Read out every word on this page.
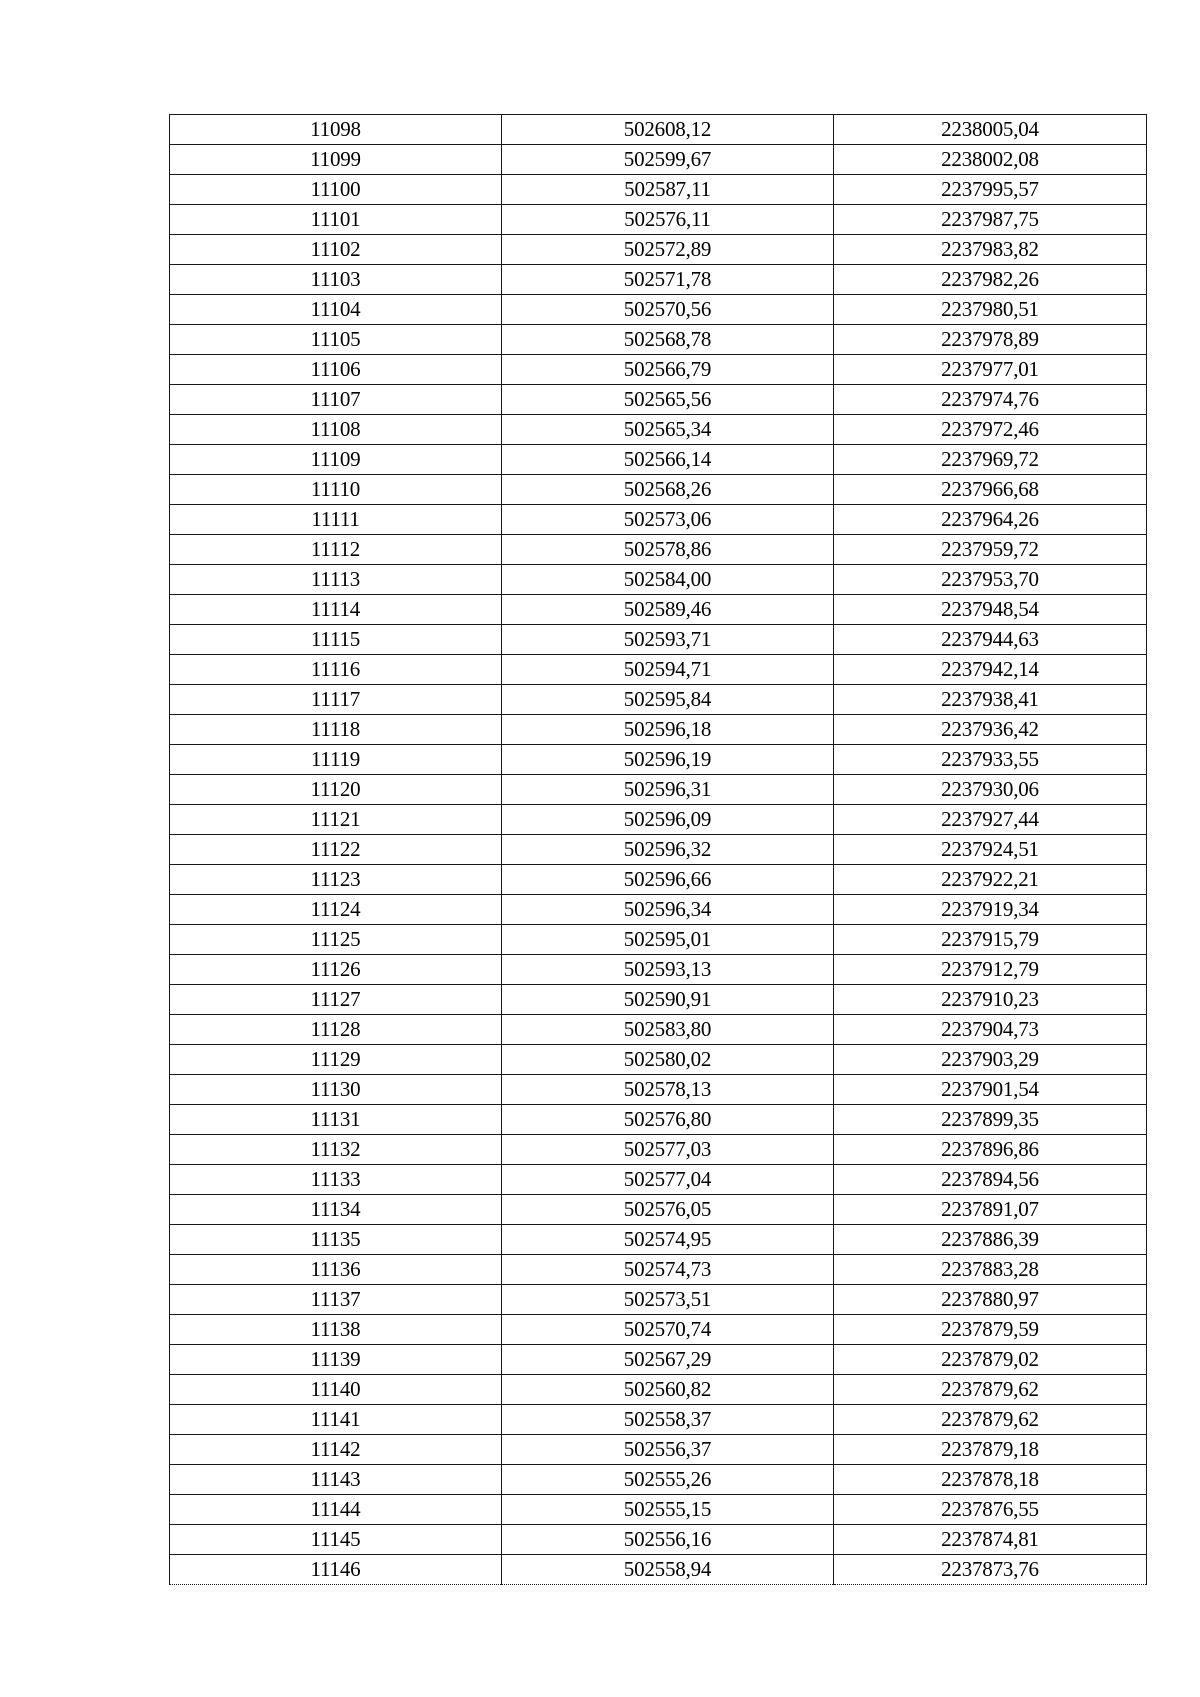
11098	502608,12	2238005,04
11099	502599,67	2238002,08
11100	502587,11	2237995,57
11101	502576,11	2237987,75
11102	502572,89	2237983,82
11103	502571,78	2237982,26
11104	502570,56	2237980,51
11105	502568,78	2237978,89
11106	502566,79	2237977,01
11107	502565,56	2237974,76
11108	502565,34	2237972,46
11109	502566,14	2237969,72
11110	502568,26	2237966,68
11111	502573,06	2237964,26
11112	502578,86	2237959,72
11113	502584,00	2237953,70
11114	502589,46	2237948,54
11115	502593,71	2237944,63
11116	502594,71	2237942,14
11117	502595,84	2237938,41
11118	502596,18	2237936,42
11119	502596,19	2237933,55
11120	502596,31	2237930,06
11121	502596,09	2237927,44
11122	502596,32	2237924,51
11123	502596,66	2237922,21
11124	502596,34	2237919,34
11125	502595,01	2237915,79
11126	502593,13	2237912,79
11127	502590,91	2237910,23
11128	502583,80	2237904,73
11129	502580,02	2237903,29
11130	502578,13	2237901,54
11131	502576,80	2237899,35
11132	502577,03	2237896,86
11133	502577,04	2237894,56
11134	502576,05	2237891,07
11135	502574,95	2237886,39
11136	502574,73	2237883,28
11137	502573,51	2237880,97
11138	502570,74	2237879,59
11139	502567,29	2237879,02
11140	502560,82	2237879,62
11141	502558,37	2237879,62
11142	502556,37	2237879,18
11143	502555,26	2237878,18
11144	502555,15	2237876,55
11145	502556,16	2237874,81
11146	502558,94	2237873,76
